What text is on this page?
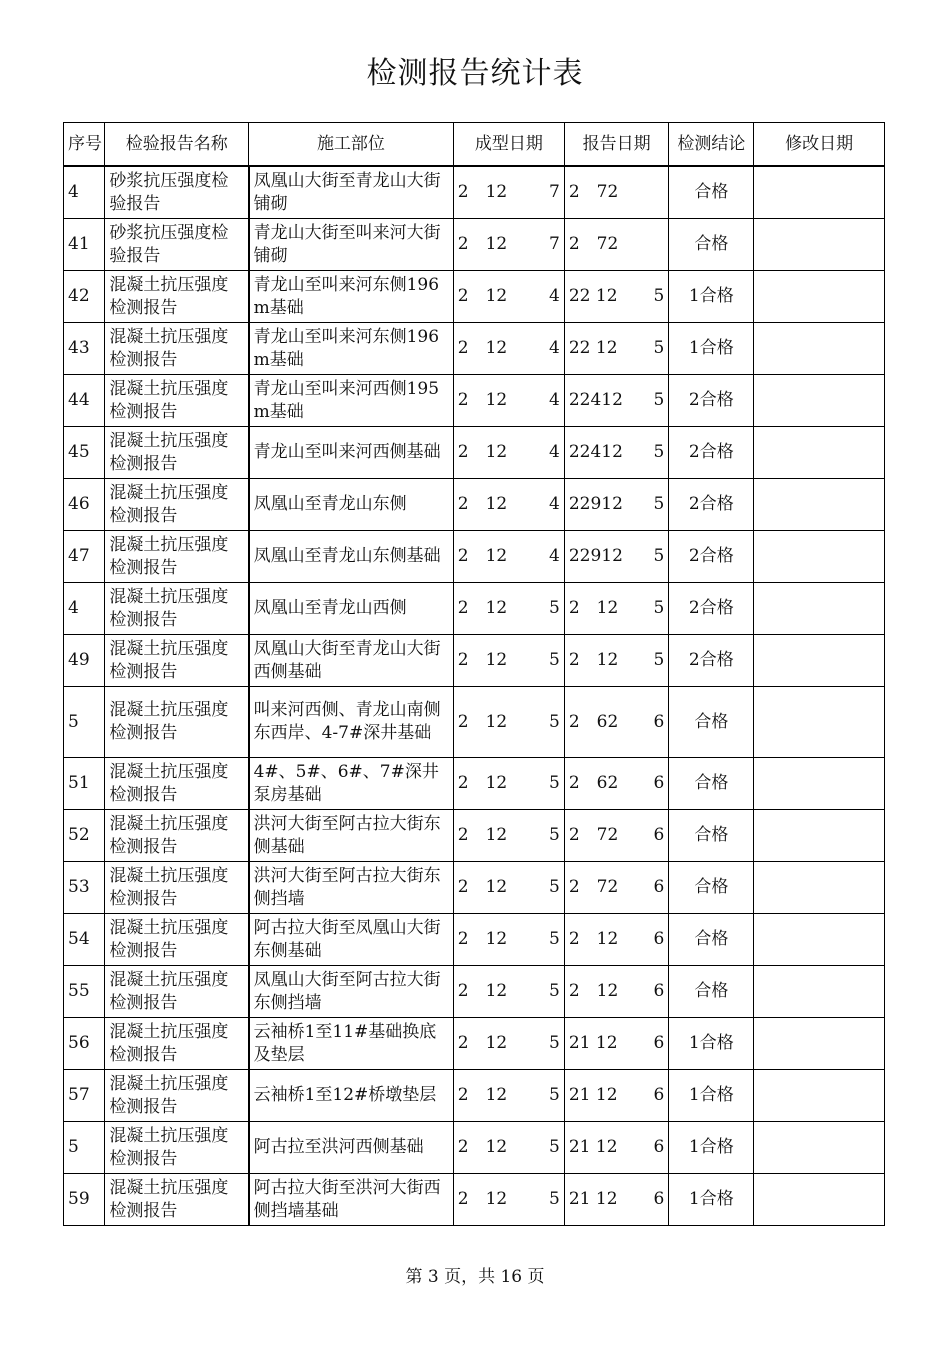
检测报告统计表
序号	检验报告名称	施工部位	成型日期	报告日期	检测结论	修改日期
4	砂浆抗压强度检验报告	凤凰山大街至青龙山大街铺砌	2　12 7	2　72	合格	
41	砂浆抗压强度检验报告	青龙山大街至叫来河大街铺砌	2　12 7	2　72	合格	
42	混凝土抗压强度检测报告	青龙山至叫来河东侧196m基础	2　12 4	22 12 5	1合格	
43	混凝土抗压强度检测报告	青龙山至叫来河东侧196m基础	2　12 4	22 12 5	1合格	
44	混凝土抗压强度检测报告	青龙山至叫来河西侧195m基础	2　12 4	22412 5	2合格	
45	混凝土抗压强度检测报告	青龙山至叫来河西侧基础	2　12 4	22412 5	2合格	
46	混凝土抗压强度检测报告	凤凰山至青龙山东侧	2　12 4	22912 5	2合格	
47	混凝土抗压强度检测报告	凤凰山至青龙山东侧基础	2　12 4	22912 5	2合格	
4	混凝土抗压强度检测报告	凤凰山至青龙山西侧	2　12 5	2　12 5	2合格	
49	混凝土抗压强度检测报告	凤凰山大街至青龙山大街西侧基础	2　12 5	2　12 5	2合格	
5	混凝土抗压强度检测报告	叫来河西侧、青龙山南侧东西岸、4-7#深井基础	2　12 5	2　62 6	合格	
51	混凝土抗压强度检测报告	4#、5#、6#、7#深井泵房基础	2　12 5	2　62 6	合格	
52	混凝土抗压强度检测报告	洪河大街至阿古拉大街东侧基础	2　12 5	2　72 6	合格	
53	混凝土抗压强度检测报告	洪河大街至阿古拉大街东侧挡墙	2　12 5	2　72 6	合格	
54	混凝土抗压强度检测报告	阿古拉大街至凤凰山大街东侧基础	2　12 5	2　12 6	合格	
55	混凝土抗压强度检测报告	凤凰山大街至阿古拉大街东侧挡墙	2　12 5	2　12 6	合格	
56	混凝土抗压强度检测报告	云袖桥1至11#基础换底及垫层	2　12 5	21 12 6	1合格	
57	混凝土抗压强度检测报告	云袖桥1至12#桥墩垫层	2　12 5	21 12 6	1合格	
5	混凝土抗压强度检测报告	阿古拉至洪河西侧基础	2　12 5	21 12 6	1合格	
59	混凝土抗压强度检测报告	阿古拉大街至洪河大街西侧挡墙基础	2　12 5	21 12 6	1合格	
第 3 页，共 16 页
